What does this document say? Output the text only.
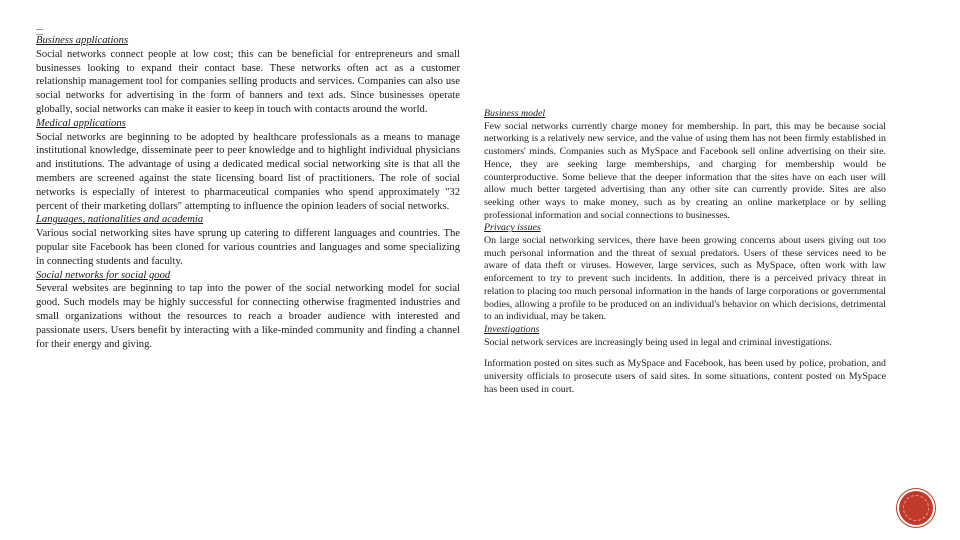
Business applications

Social networks connect people at low cost; this can be beneficial for entrepreneurs and small businesses looking to expand their contact base. These networks often act as a customer relationship management tool for companies selling products and services. Companies can also use social networks for advertising in the form of banners and text ads. Since businesses operate globally, social networks can make it easier to keep in touch with contacts around the world.

Medical applications

Social networks are beginning to be adopted by healthcare professionals as a means to manage institutional knowledge, disseminate peer to peer knowledge and to highlight individual physicians and institutions. The advantage of using a dedicated medical social networking site is that all the members are screened against the state licensing board list of practitioners. The role of social networks is especially of interest to pharmaceutical companies who spend approximately "32 percent of their marketing dollars" attempting to influence the opinion leaders of social networks.

Languages, nationalities and academia

Various social networking sites have sprung up catering to different languages and countries. The popular site Facebook has been cloned for various countries and languages and some specializing in connecting students and faculty.

Social networks for social good

Several websites are beginning to tap into the power of the social networking model for social good. Such models may be highly successful for connecting otherwise fragmented industries and small organizations without the resources to reach a broader audience with interested and passionate users. Users benefit by interacting with a like-minded community and finding a channel for their energy and giving.

Business model

Few social networks currently charge money for membership. In part, this may be because social networking is a relatively new service, and the value of using them has not been firmly established in customers' minds. Companies such as MySpace and Facebook sell online advertising on their site. Hence, they are seeking large memberships, and charging for membership would be counterproductive. Some believe that the deeper information that the sites have on each user will allow much better targeted advertising than any other site can currently provide. Sites are also seeking other ways to make money, such as by creating an online marketplace or by selling professional information and social connections to businesses.

Privacy issues

On large social networking services, there have been growing concerns about users giving out too much personal information and the threat of sexual predators. Users of these services need to be aware of data theft or viruses. However, large services, such as MySpace, often work with law enforcement to try to prevent such incidents. In addition, there is a perceived privacy threat in relation to placing too much personal information in the hands of large corporations or governmental bodies, allowing a profile to be produced on an individual's behavior on which decisions, detrimental to an individual, may be taken.

Investigations

Social network services are increasingly being used in legal and criminal investigations.

Information posted on sites such as MySpace and Facebook, has been used by police, probation, and university officials to prosecute users of said sites. In some situations, content posted on MySpace has been used in court.
